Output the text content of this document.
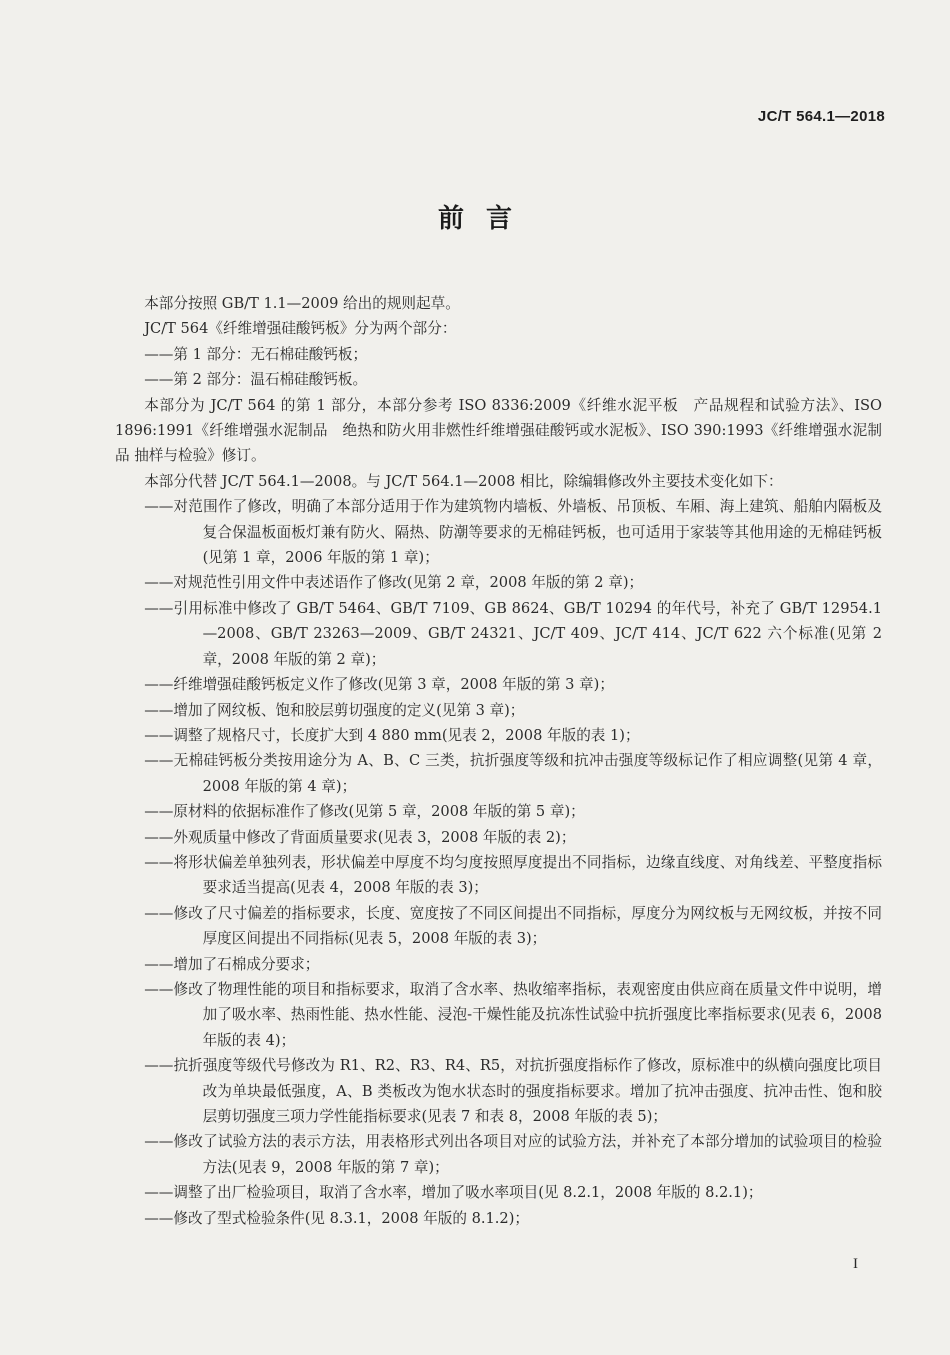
JC/T 564.1—2018
前言

本部分按照 GB/T 1.1—2009 给出的规则起草。

JC/T 564《纤维增强硅酸钙板》分为两个部分：

——第 1 部分：无石棉硅酸钙板；

——第 2 部分：温石棉硅酸钙板。

本部分为 JC/T 564 的第 1 部分，本部分参考 ISO 8336:2009《纤维水泥平板　产品规程和试验方法》、ISO 1896:1991《纤维增强水泥制品　绝热和防火用非燃性纤维增强硅酸钙或水泥板》、ISO 390:1993《纤维增强水泥制品 抽样与检验》修订。

本部分代替 JC/T 564.1—2008。与 JC/T 564.1—2008 相比，除编辑修改外主要技术变化如下：

——对范围作了修改，明确了本部分适用于作为建筑物内墙板、外墙板、吊顶板、车厢、海上建筑、船舶内隔板及复合保温板面板灯兼有防火、隔热、防潮等要求的无棉硅钙板，也可适用于家装等其他用途的无棉硅钙板(见第 1 章，2006 年版的第 1 章)；

——对规范性引用文件中表述语作了修改(见第 2 章，2008 年版的第 2 章)；

——引用标准中修改了 GB/T 5464、GB/T 7109、GB 8624、GB/T 10294 的年代号，补充了 GB/T 12954.1—2008、GB/T 23263—2009、GB/T 24321、JC/T 409、JC/T 414、JC/T 622 六个标准(见第 2 章，2008 年版的第 2 章)；

——纤维增强硅酸钙板定义作了修改(见第 3 章，2008 年版的第 3 章)；

——增加了网纹板、饱和胶层剪切强度的定义(见第 3 章)；

——调整了规格尺寸，长度扩大到 4 880 mm(见表 2，2008 年版的表 1)；

——无棉硅钙板分类按用途分为 A、B、C 三类，抗折强度等级和抗冲击强度等级标记作了相应调整(见第 4 章，2008 年版的第 4 章)；

——原材料的依据标准作了修改(见第 5 章，2008 年版的第 5 章)；

——外观质量中修改了背面质量要求(见表 3，2008 年版的表 2)；

——将形状偏差单独列表，形状偏差中厚度不均匀度按照厚度提出不同指标，边缘直线度、对角线差、平整度指标要求适当提高(见表 4，2008 年版的表 3)；

——修改了尺寸偏差的指标要求，长度、宽度按了不同区间提出不同指标，厚度分为网纹板与无网纹板，并按不同厚度区间提出不同指标(见表 5，2008 年版的表 3)；

——增加了石棉成分要求；

——修改了物理性能的项目和指标要求，取消了含水率、热收缩率指标，表观密度由供应商在质量文件中说明，增加了吸水率、热雨性能、热水性能、浸泡-干燥性能及抗冻性试验中抗折强度比率指标要求(见表 6，2008 年版的表 4)；

——抗折强度等级代号修改为 R1、R2、R3、R4、R5，对抗折强度指标作了修改，原标准中的纵横向强度比项目改为单块最低强度，A、B 类板改为饱水状态时的强度指标要求。增加了抗冲击强度、抗冲击性、饱和胶层剪切强度三项力学性能指标要求(见表 7 和表 8，2008 年版的表 5)；

——修改了试验方法的表示方法，用表格形式列出各项目对应的试验方法，并补充了本部分增加的试验项目的检验方法(见表 9，2008 年版的第 7 章)；

——调整了出厂检验项目，取消了含水率，增加了吸水率项目(见 8.2.1，2008 年版的 8.2.1)；

——修改了型式检验条件(见 8.3.1，2008 年版的 8.1.2)；

I
